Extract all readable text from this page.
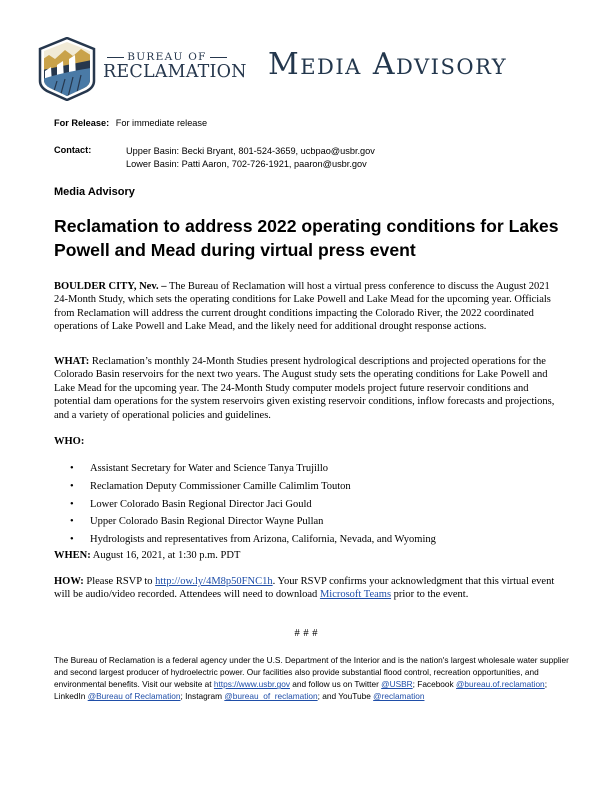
BUREAU OF
RECLAMATION Media Advisory
For Release: For immediate release
Contact:	Upper Basin: Becki Bryant, 801-524-3659, ucbpao@usbr.gov
Lower Basin: Patti Aaron, 702-726-1921, paaron@usbr.gov
Media Advisory
Reclamation to address 2022 operating conditions for Lakes Powell and Mead during virtual press event
BOULDER CITY, Nev. – The Bureau of Reclamation will host a virtual press conference to discuss the August 2021 24-Month Study, which sets the operating conditions for Lake Powell and Lake Mead for the upcoming year. Officials from Reclamation will address the current drought conditions impacting the Colorado River, the 2022 coordinated operations of Lake Powell and Lake Mead, and the likely need for additional drought response actions.
WHAT: Reclamation’s monthly 24-Month Studies present hydrological descriptions and projected operations for the Colorado Basin reservoirs for the next two years. The August study sets the operating conditions for Lake Powell and Lake Mead for the upcoming year. The 24-Month Study computer models project future reservoir conditions and potential dam operations for the system reservoirs given existing reservoir conditions, inflow forecasts and projections, and a variety of operational policies and guidelines.
WHO:
• Assistant Secretary for Water and Science Tanya Trujillo
• Reclamation Deputy Commissioner Camille Calimlim Touton
• Lower Colorado Basin Regional Director Jaci Gould
• Upper Colorado Basin Regional Director Wayne Pullan
• Hydrologists and representatives from Arizona, California, Nevada, and Wyoming
WHEN: August 16, 2021, at 1:30 p.m. PDT
HOW: Please RSVP to http://ow.ly/4M8p50FNC1h. Your RSVP confirms your acknowledgment that this virtual event will be audio/video recorded. Attendees will need to download Microsoft Teams prior to the event.
# # #
The Bureau of Reclamation is a federal agency under the U.S. Department of the Interior and is the nation's largest wholesale water supplier and second largest producer of hydroelectric power. Our facilities also provide substantial flood control, recreation opportunities, and environmental benefits. Visit our website at https://www.usbr.gov and follow us on Twitter @USBR; Facebook @bureau.of.reclamation; LinkedIn @Bureau of Reclamation; Instagram @bureau_of_reclamation; and YouTube @reclamation
